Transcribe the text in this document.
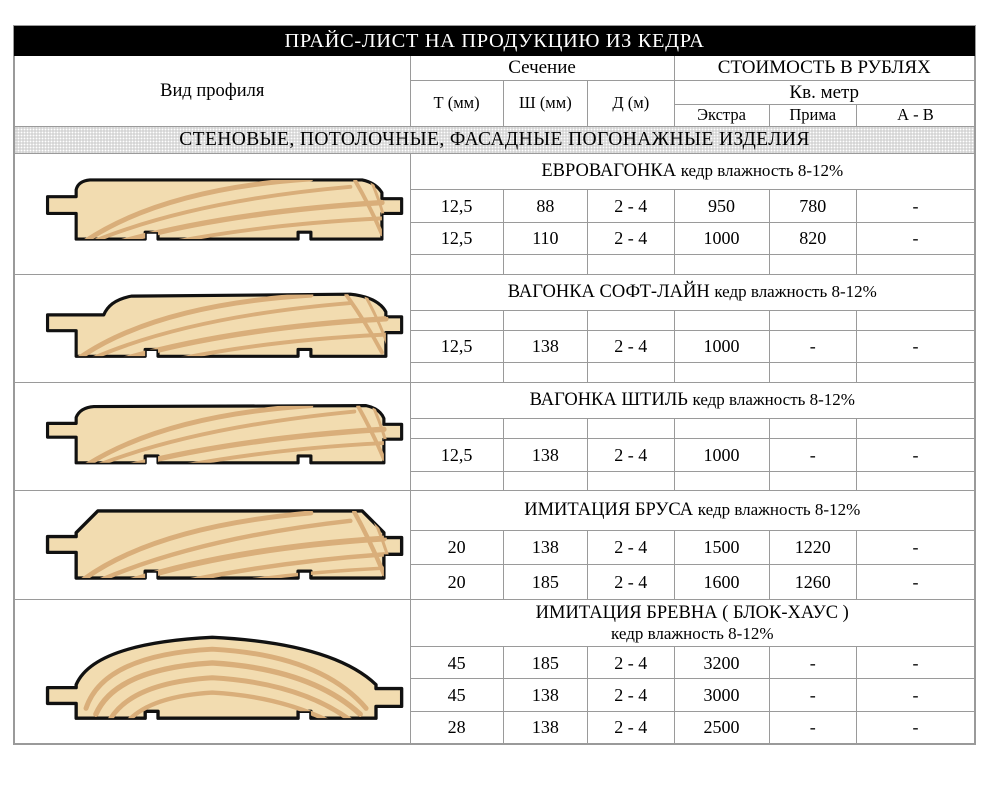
ПРАЙС-ЛИСТ НА ПРОДУКЦИЮ ИЗ КЕДРА						
Вид профиля	Сечение			СТОИМОСТЬ В РУБЛЯХ		
	Т (мм)	Ш (мм)	Д (м)	Кв. метр		
				Экстра	Прима	А - В
СТЕНОВЫЕ, ПОТОЛОЧНЫЕ, ФАСАДНЫЕ ПОГОНАЖНЫЕ ИЗДЕЛИЯ						

	ЕВРОВАГОНКА кедр влажность 8-12%					
	12,5	88	2 - 4	950	780	-
	12,5	110	2 - 4	1000	820	-

	ВАГОНКА СОФТ-ЛАЙН кедр влажность 8-12%					

	12,5	138	2 - 4	1000	-	-

	ВАГОНКА ШТИЛЬ кедр влажность 8-12%					

	12,5	138	2 - 4	1000	-	-

	ИМИТАЦИЯ БРУСА кедр влажность 8-12%					
	20	138	2 - 4	1500	1220	-
	20	185	2 - 4	1600	1260	-

	ИМИТАЦИЯ БРЕВНА ( БЛОК-ХАУС )
кедр влажность 8-12%					

	45	185	2 - 4	3200	-	-
	45	138	2 - 4	3000	-	-
	28	138	2 - 4	2500	-	-
